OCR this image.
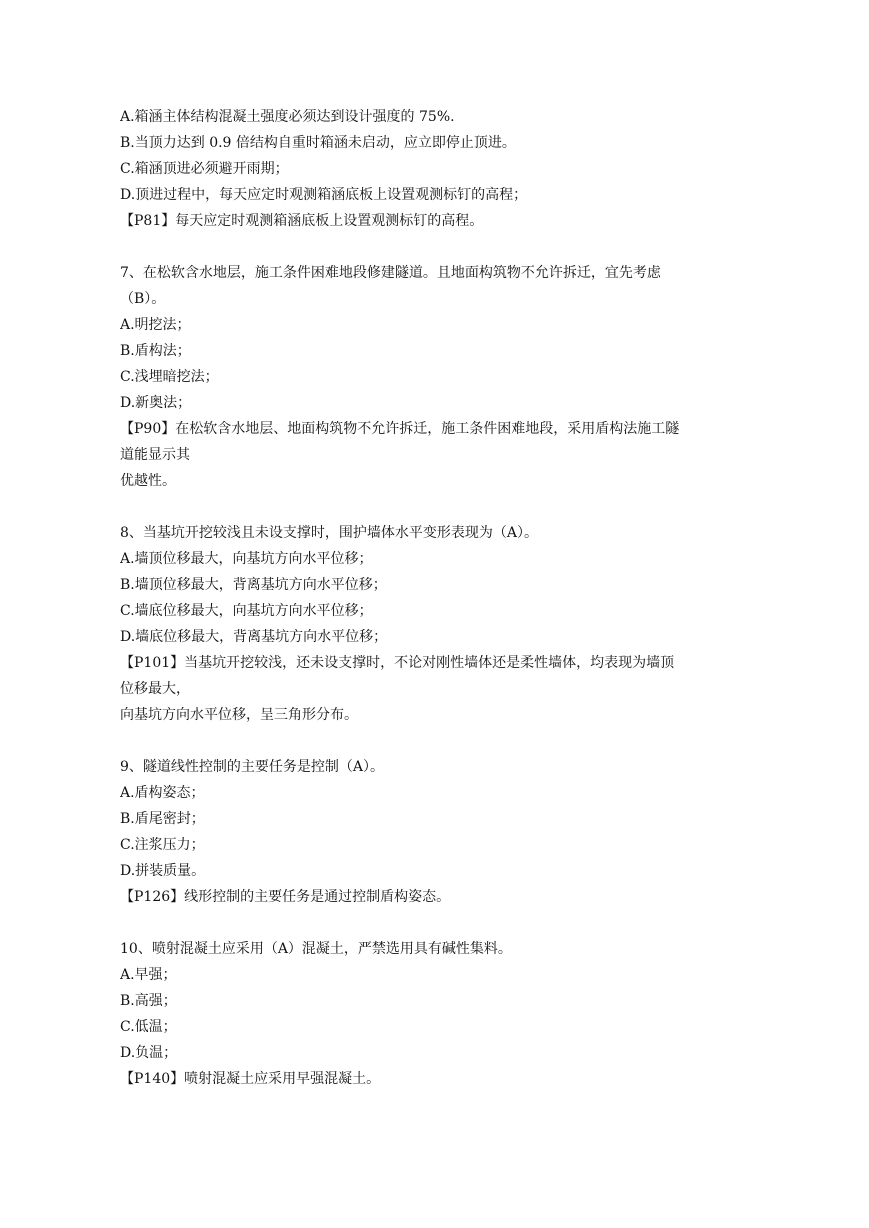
A.箱涵主体结构混凝土强度必须达到设计强度的 75%.
B.当顶力达到 0.9 倍结构自重时箱涵未启动，应立即停止顶进。
C.箱涵顶进必须避开雨期；
D.顶进过程中，每天应定时观测箱涵底板上设置观测标钉的高程；
【P81】每天应定时观测箱涵底板上设置观测标钉的高程。
7、在松软含水地层，施工条件困难地段修建隧道。且地面构筑物不允许拆迁，宜先考虑
（B）。
A.明挖法；
B.盾构法；
C.浅埋暗挖法；
D.新奥法；
【P90】在松软含水地层、地面构筑物不允许拆迁，施工条件困难地段，采用盾构法施工隧
道能显示其
优越性。
8、当基坑开挖较浅且未设支撑时，围护墙体水平变形表现为（A）。
A.墙顶位移最大，向基坑方向水平位移；
B.墙顶位移最大，背离基坑方向水平位移；
C.墙底位移最大，向基坑方向水平位移；
D.墙底位移最大，背离基坑方向水平位移；
【P101】当基坑开挖较浅，还未设支撑时，不论对刚性墙体还是柔性墙体，均表现为墙顶
位移最大，
向基坑方向水平位移，呈三角形分布。
9、隧道线性控制的主要任务是控制（A）。
A.盾构姿态；
B.盾尾密封；
C.注浆压力；
D.拼装质量。
【P126】线形控制的主要任务是通过控制盾构姿态。
10、喷射混凝土应采用（A）混凝土，严禁选用具有碱性集料。
A.早强；
B.高强；
C.低温；
D.负温；
【P140】喷射混凝土应采用早强混凝土。
